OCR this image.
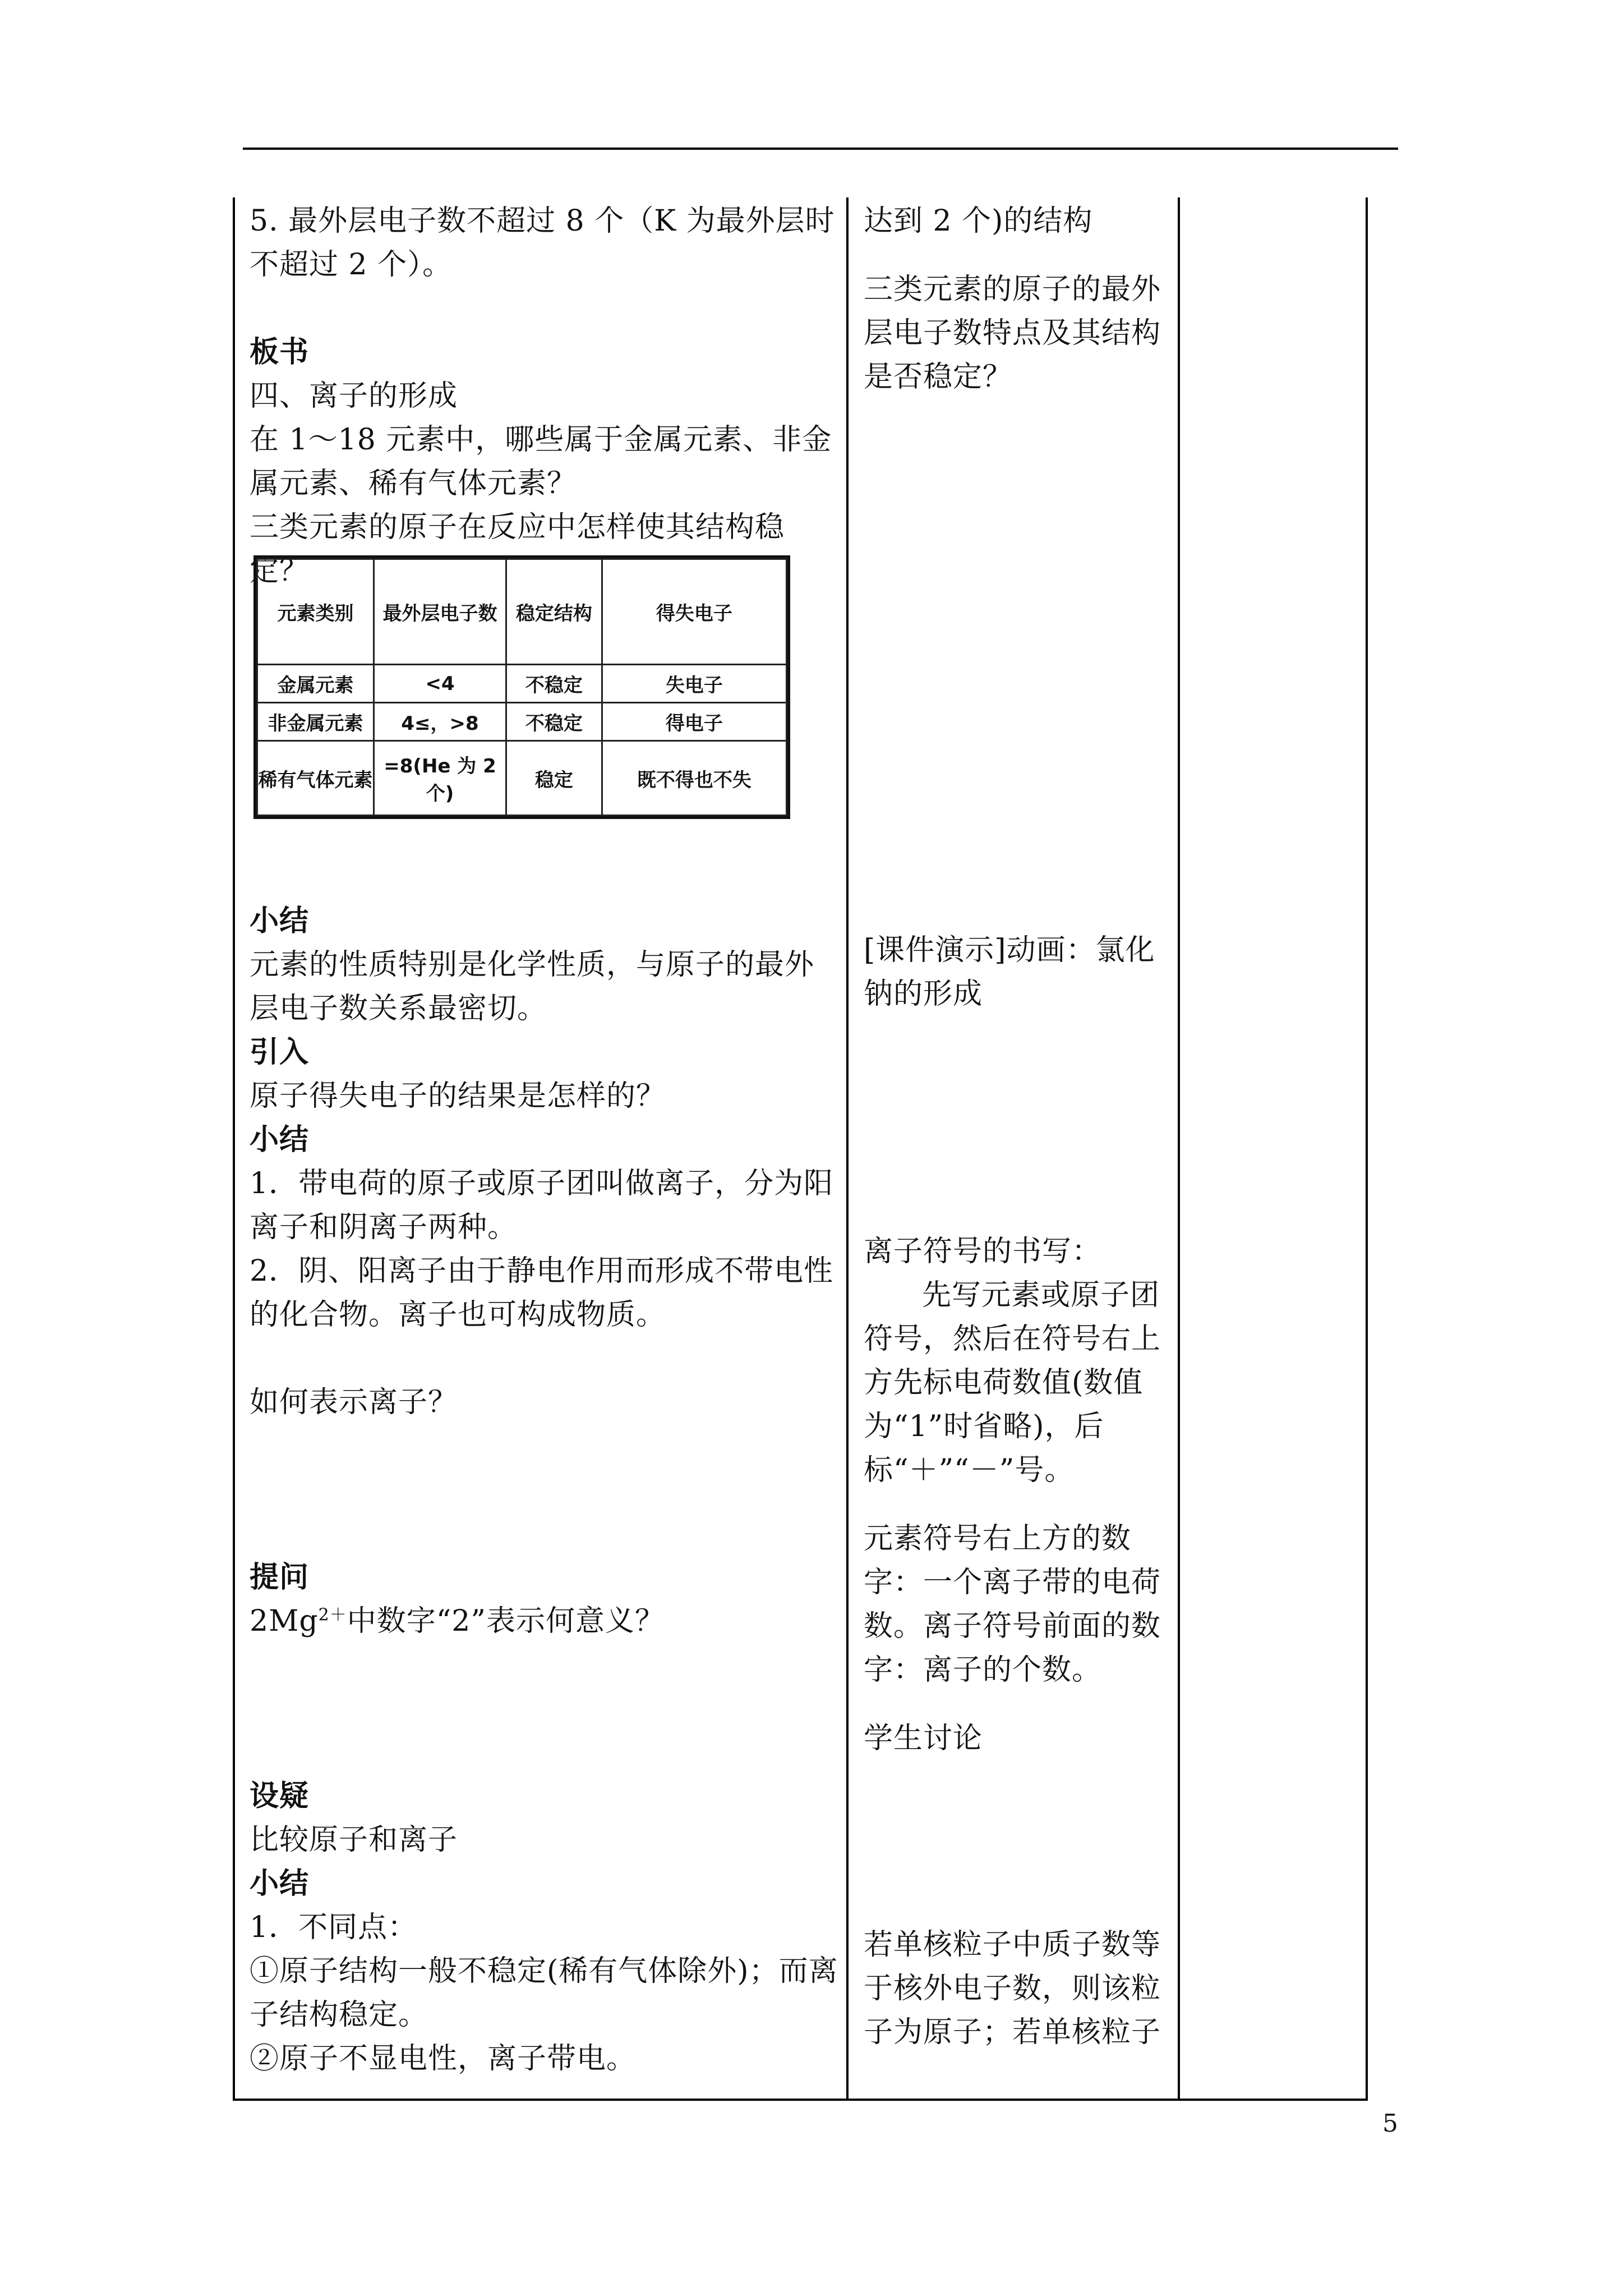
5. 最外层电子数不超过 8 个（K 为最外层时不超过 2 个）。

板书

四、离子的形成

在 1～18 元素中，哪些属于金属元素、非金属元素、稀有气体元素？

三类元素的原子在反应中怎样使其结构稳定？

小结

元素的性质特别是化学性质，与原子的最外层电子数关系最密切。

引入

原子得失电子的结果是怎样的？

小结

1．带电荷的原子或原子团叫做离子，分为阳离子和阴离子两种。

2．阴、阳离子由于静电作用而形成不带电性的化合物。离子也可构成物质。

如何表示离子？

提问

$2Mg^{2+}$中数字“2”表示何意义？

设疑

比较原子和离子

小结

1．不同点：

①原子结构一般不稳定(稀有气体除外)；而离子结构稳定。

②原子不显电性，离子带电。

元素类别	最外层电子数	稳定结构	得失电子
金属元素	<4	不稳定	失电子
非金属元素	4≤，>8	不稳定	得电子
稀有气体元素	=8(He 为 2 个)	稳定	既不得也不失

达到 2 个)的结构

三类元素的原子的最外层电子数特点及其结构是否稳定？

[课件演示]动画：氯化钠的形成

离子符号的书写：

先写元素或原子团符号，然后在符号右上方先标电荷数值(数值为“1”时省略)，后标“＋”“－”号。

元素符号右上方的数字：一个离子带的电荷数。离子符号前面的数字：离子的个数。

学生讨论

若单核粒子中质子数等于核外电子数，则该粒子为原子；若单核粒子

5
